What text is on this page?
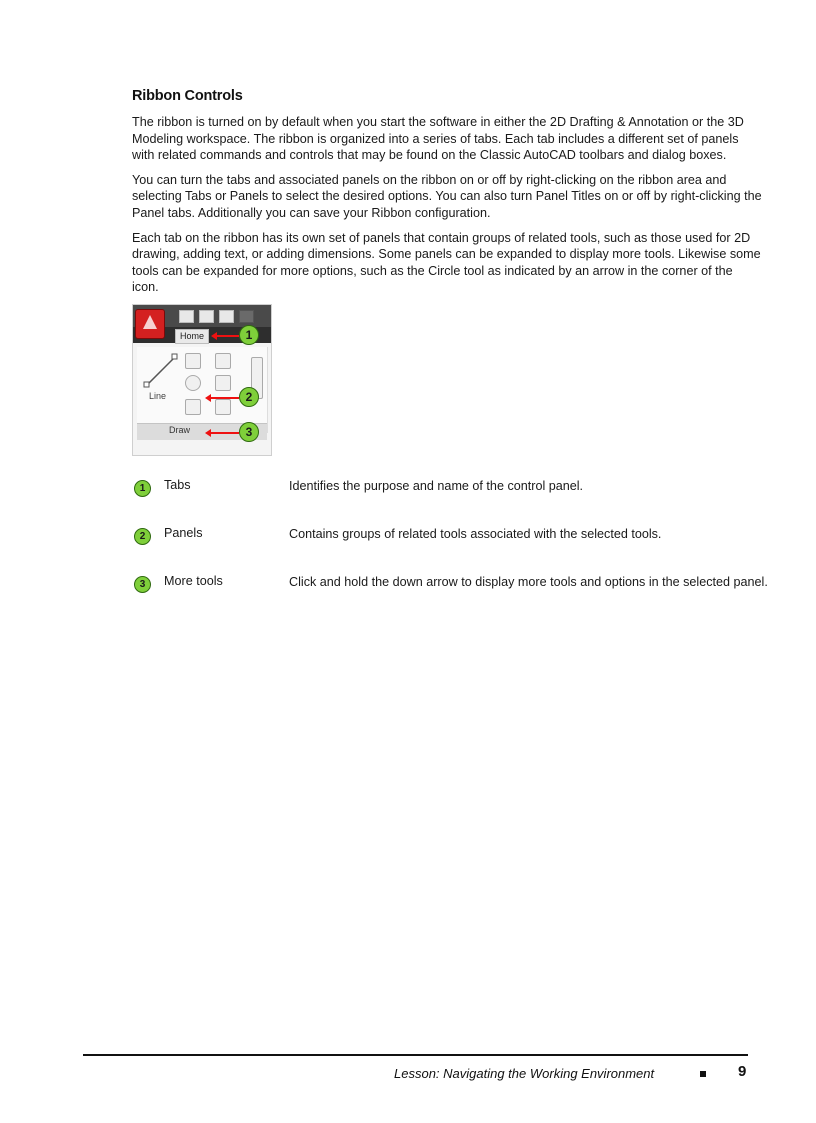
Ribbon Controls

The ribbon is turned on by default when you start the software in either the 2D Drafting & Annotation or the 3D Modeling workspace. The ribbon is organized into a series of tabs. Each tab includes a different set of panels with related commands and controls that may be found on the Classic AutoCAD toolbars and dialog boxes.

You can turn the tabs and associated panels on the ribbon on or off by right-clicking on the ribbon area and selecting Tabs or Panels to select the desired options. You can also turn Panel Titles on or off by right-clicking the Panel tabs. Additionally you can save your Ribbon configuration.

Each tab on the ribbon has its own set of panels that contain groups of related tools, such as those used for 2D drawing, adding text, or adding dimensions. Some panels can be expanded to display more tools. Likewise some tools can be expanded for more options, such as the Circle tool as indicated by an arrow in the corner of the icon.

Home
Line
Draw
1
2
3
1	Tabs	Identifies the purpose and name of the control panel.
2	Panels	Contains groups of related tools associated with the selected tools.
3	More tools	Click and hold the down arrow to display more tools and options in the selected panel.
Lesson: Navigating the Working Environment	9
